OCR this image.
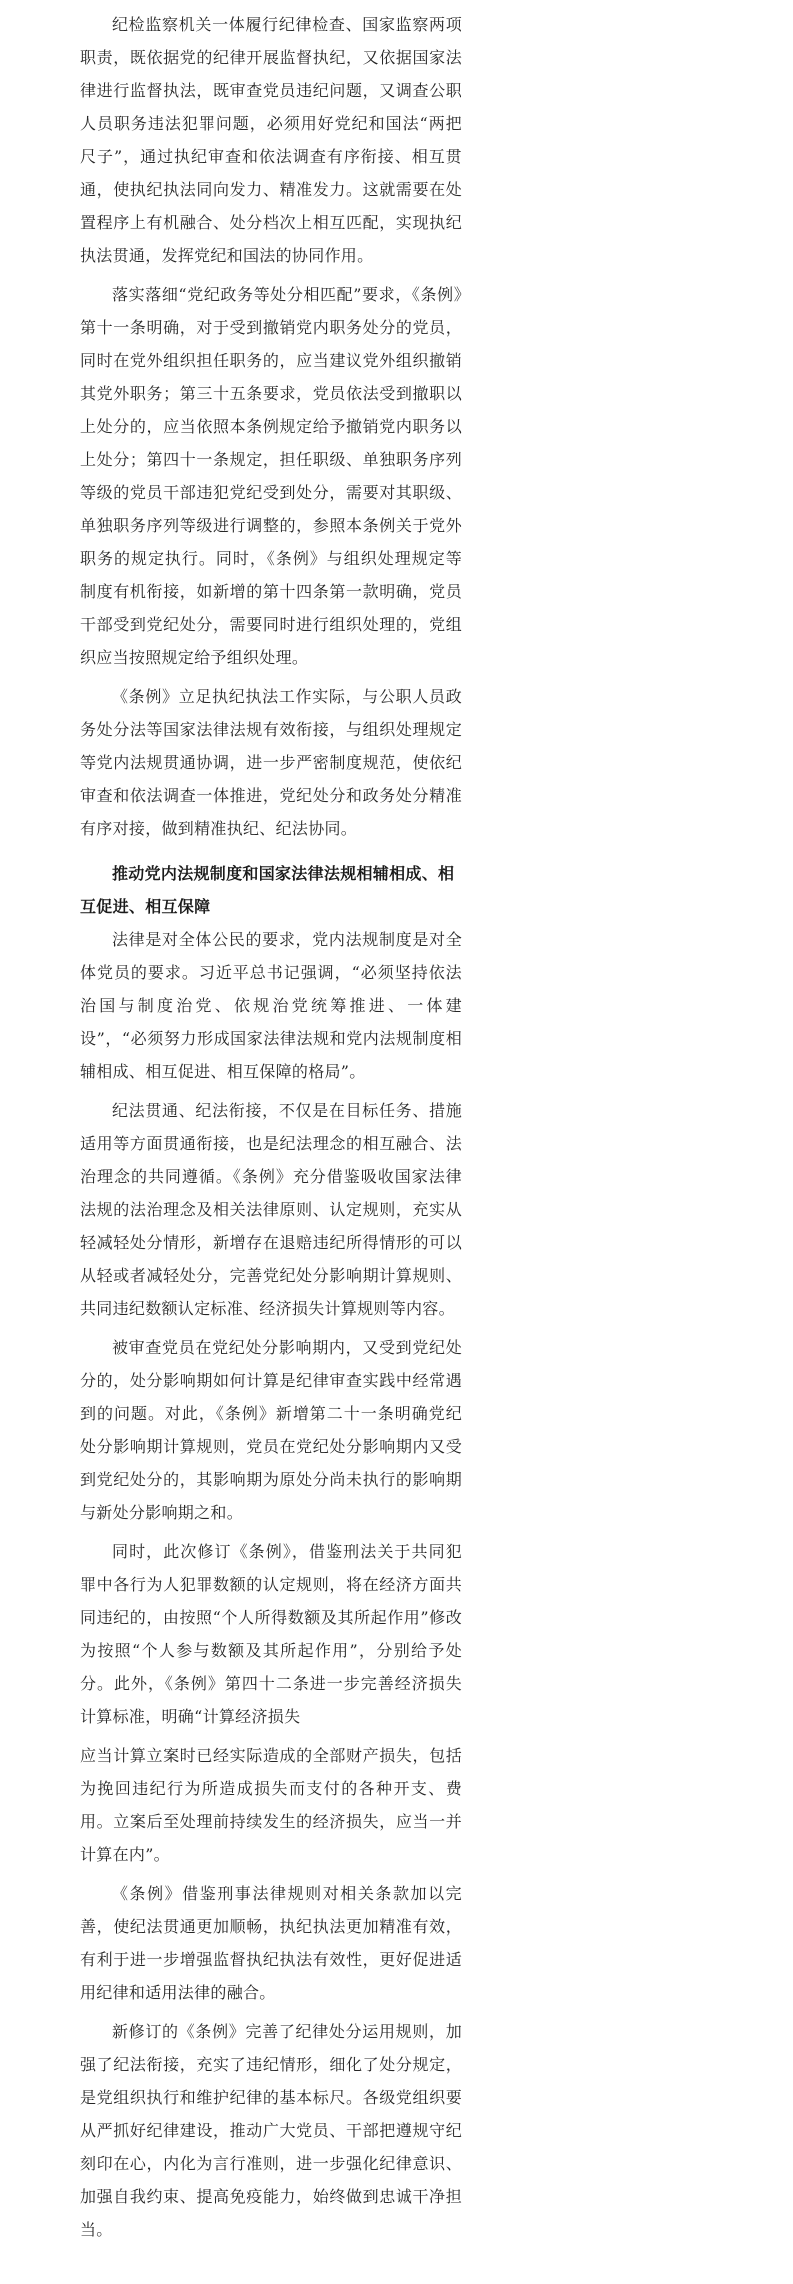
纪检监察机关一体履行纪律检查、国家监察两项职责，既依据党的纪律开展监督执纪，又依据国家法律进行监督执法，既审查党员违纪问题，又调查公职人员职务违法犯罪问题，必须用好党纪和国法“两把尺子”，通过执纪审查和依法调查有序衔接、相互贯通，使执纪执法同向发力、精准发力。这就需要在处置程序上有机融合、处分档次上相互匹配，实现执纪执法贯通，发挥党纪和国法的协同作用。

落实落细“党纪政务等处分相匹配”要求，《条例》第十一条明确，对于受到撤销党内职务处分的党员，同时在党外组织担任职务的，应当建议党外组织撤销其党外职务；第三十五条要求，党员依法受到撤职以上处分的，应当依照本条例规定给予撤销党内职务以上处分；第四十一条规定，担任职级、单独职务序列等级的党员干部违犯党纪受到处分，需要对其职级、单独职务序列等级进行调整的，参照本条例关于党外职务的规定执行。同时，《条例》与组织处理规定等制度有机衔接，如新增的第十四条第一款明确，党员干部受到党纪处分，需要同时进行组织处理的，党组织应当按照规定给予组织处理。

《条例》立足执纪执法工作实际，与公职人员政务处分法等国家法律法规有效衔接，与组织处理规定等党内法规贯通协调，进一步严密制度规范，使依纪审查和依法调查一体推进，党纪处分和政务处分精准有序对接，做到精准执纪、纪法协同。

推动党内法规制度和国家法律法规相辅相成、相互促进、相互保障

法律是对全体公民的要求，党内法规制度是对全体党员的要求。习近平总书记强调，“必须坚持依法治国与制度治党、依规治党统筹推进、一体建设”，“必须努力形成国家法律法规和党内法规制度相辅相成、相互促进、相互保障的格局”。

纪法贯通、纪法衔接，不仅是在目标任务、措施适用等方面贯通衔接，也是纪法理念的相互融合、法治理念的共同遵循。《条例》充分借鉴吸收国家法律法规的法治理念及相关法律原则、认定规则，充实从轻减轻处分情形，新增存在退赔违纪所得情形的可以从轻或者减轻处分，完善党纪处分影响期计算规则、共同违纪数额认定标准、经济损失计算规则等内容。

被审查党员在党纪处分影响期内，又受到党纪处分的，处分影响期如何计算是纪律审查实践中经常遇到的问题。对此，《条例》新增第二十一条明确党纪处分影响期计算规则，党员在党纪处分影响期内又受到党纪处分的，其影响期为原处分尚未执行的影响期与新处分影响期之和。

同时，此次修订《条例》，借鉴刑法关于共同犯罪中各行为人犯罪数额的认定规则，将在经济方面共同违纪的，由按照“个人所得数额及其所起作用”修改为按照“个人参与数额及其所起作用”，分别给予处分。此外，《条例》第四十二条进一步完善经济损失计算标准，明确“计算经济损失

应当计算立案时已经实际造成的全部财产损失，包括为挽回违纪行为所造成损失而支付的各种开支、费用。立案后至处理前持续发生的经济损失，应当一并计算在内”。

《条例》借鉴刑事法律规则对相关条款加以完善，使纪法贯通更加顺畅，执纪执法更加精准有效，有利于进一步增强监督执纪执法有效性，更好促进适用纪律和适用法律的融合。

新修订的《条例》完善了纪律处分运用规则，加强了纪法衔接，充实了违纪情形，细化了处分规定，是党组织执行和维护纪律的基本标尺。各级党组织要从严抓好纪律建设，推动广大党员、干部把遵规守纪刻印在心，内化为言行准则，进一步强化纪律意识、加强自我约束、提高免疫能力，始终做到忠诚干净担当。
